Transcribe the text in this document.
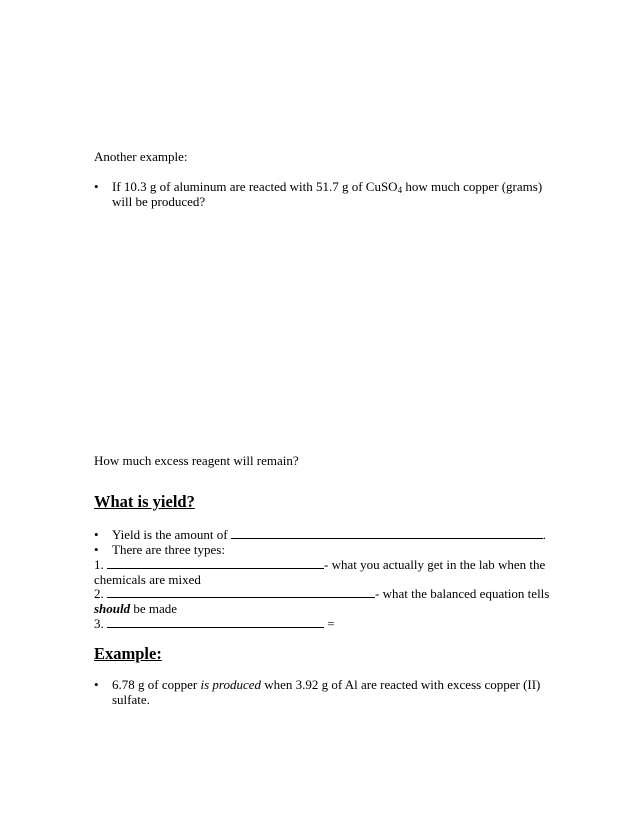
Another example:

• If 10.3 g of aluminum are reacted with 51.7 g of CuSO$_4$ how much copper (grams)

will be produced?

How much excess reagent will remain?

What is yield?
• Yield is the amount of	.

• There are three types:

1.	- what you actually get in the lab when the

chemicals are mixed

2.	- what the balanced equation tells

should be made

3.	=

Example:
• 6.78 g of copper is produced when 3.92 g of Al are reacted with excess copper (II)

sulfate.
